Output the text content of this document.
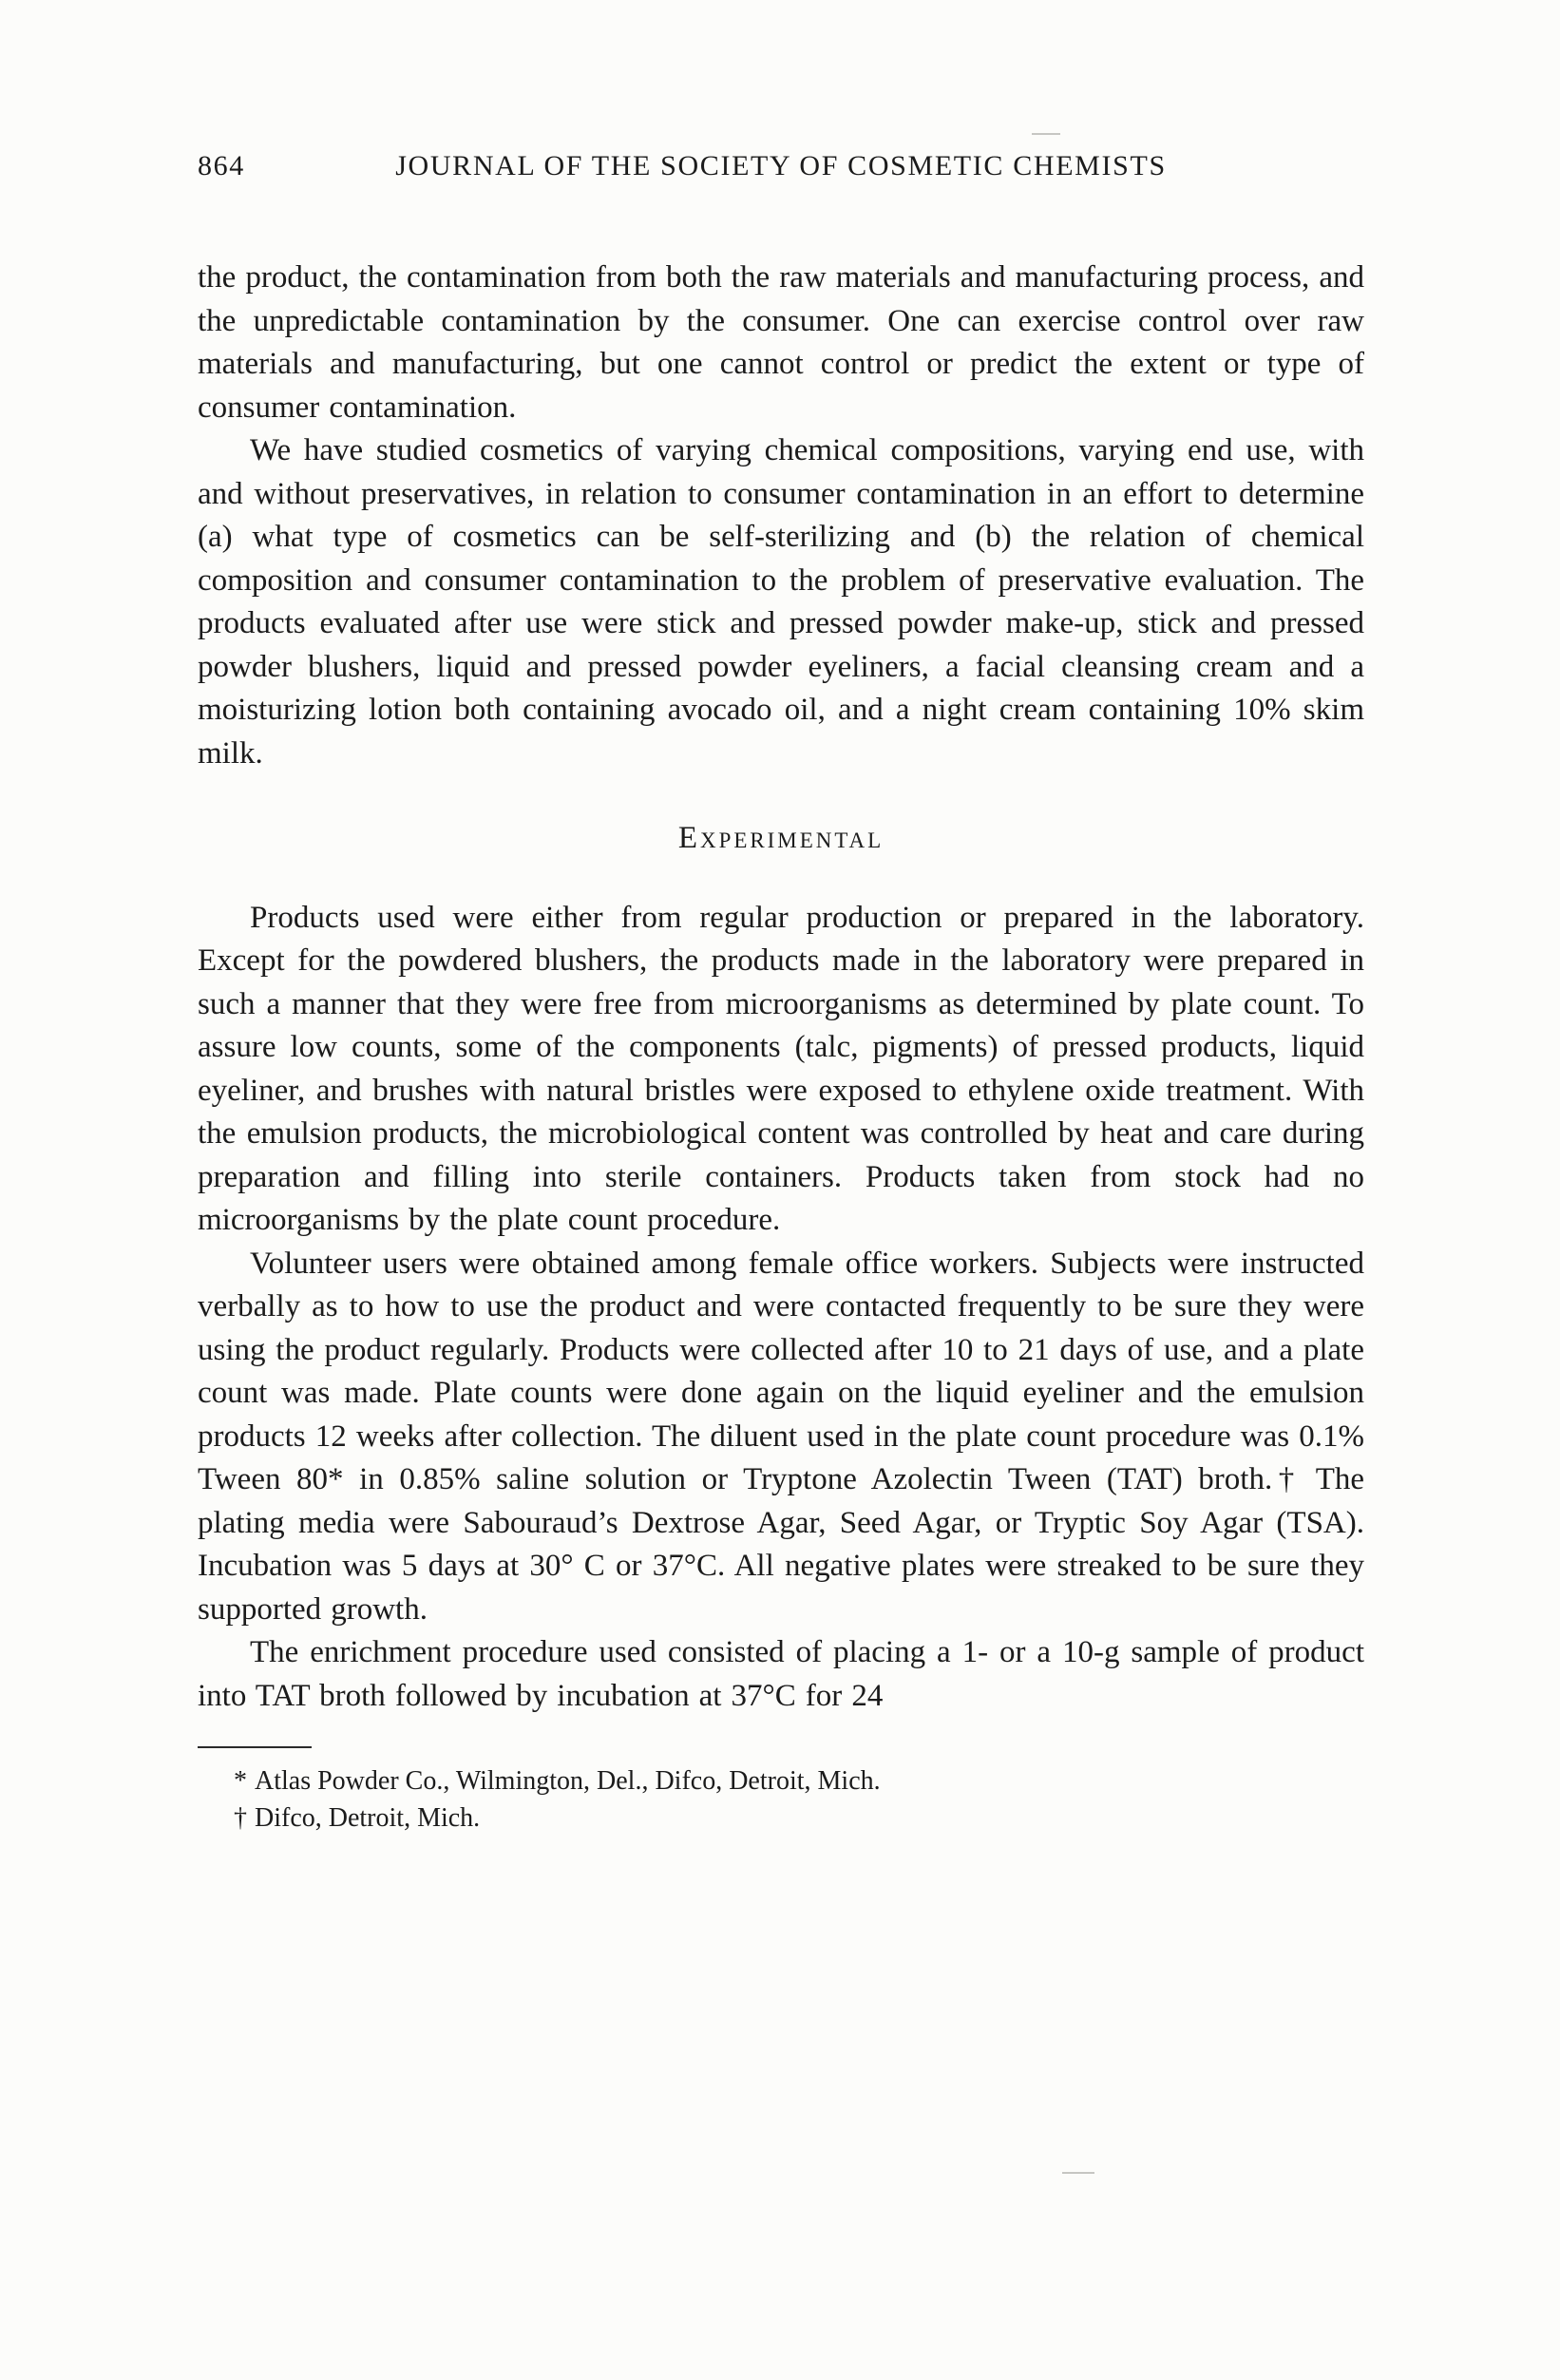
864	JOURNAL OF THE SOCIETY OF COSMETIC CHEMISTS

the product, the contamination from both the raw materials and manufacturing process, and the unpredictable contamination by the consumer. One can exercise control over raw materials and manufacturing, but one cannot control or predict the extent or type of consumer contamination.

We have studied cosmetics of varying chemical compositions, varying end use, with and without preservatives, in relation to consumer contamination in an effort to determine (a) what type of cosmetics can be self-sterilizing and (b) the relation of chemical composition and consumer contamination to the problem of preservative evaluation. The products evaluated after use were stick and pressed powder make-up, stick and pressed powder blushers, liquid and pressed powder eyeliners, a facial cleansing cream and a moisturizing lotion both containing avocado oil, and a night cream containing 10% skim milk.

Experimental

Products used were either from regular production or prepared in the laboratory. Except for the powdered blushers, the products made in the laboratory were prepared in such a manner that they were free from microorganisms as determined by plate count. To assure low counts, some of the components (talc, pigments) of pressed products, liquid eyeliner, and brushes with natural bristles were exposed to ethylene oxide treatment. With the emulsion products, the microbiological content was controlled by heat and care during preparation and filling into sterile containers. Products taken from stock had no microorganisms by the plate count procedure.

Volunteer users were obtained among female office workers. Subjects were instructed verbally as to how to use the product and were contacted frequently to be sure they were using the product regularly. Products were collected after 10 to 21 days of use, and a plate count was made. Plate counts were done again on the liquid eyeliner and the emulsion products 12 weeks after collection. The diluent used in the plate count procedure was 0.1% Tween 80* in 0.85% saline solution or Tryptone Azolectin Tween (TAT) broth.† The plating media were Sabouraud’s Dextrose Agar, Seed Agar, or Tryptic Soy Agar (TSA). Incubation was 5 days at 30° C or 37°C. All negative plates were streaked to be sure they supported growth.

The enrichment procedure used consisted of placing a 1- or a 10-g sample of product into TAT broth followed by incubation at 37°C for 24

* Atlas Powder Co., Wilmington, Del., Difco, Detroit, Mich.

† Difco, Detroit, Mich.
